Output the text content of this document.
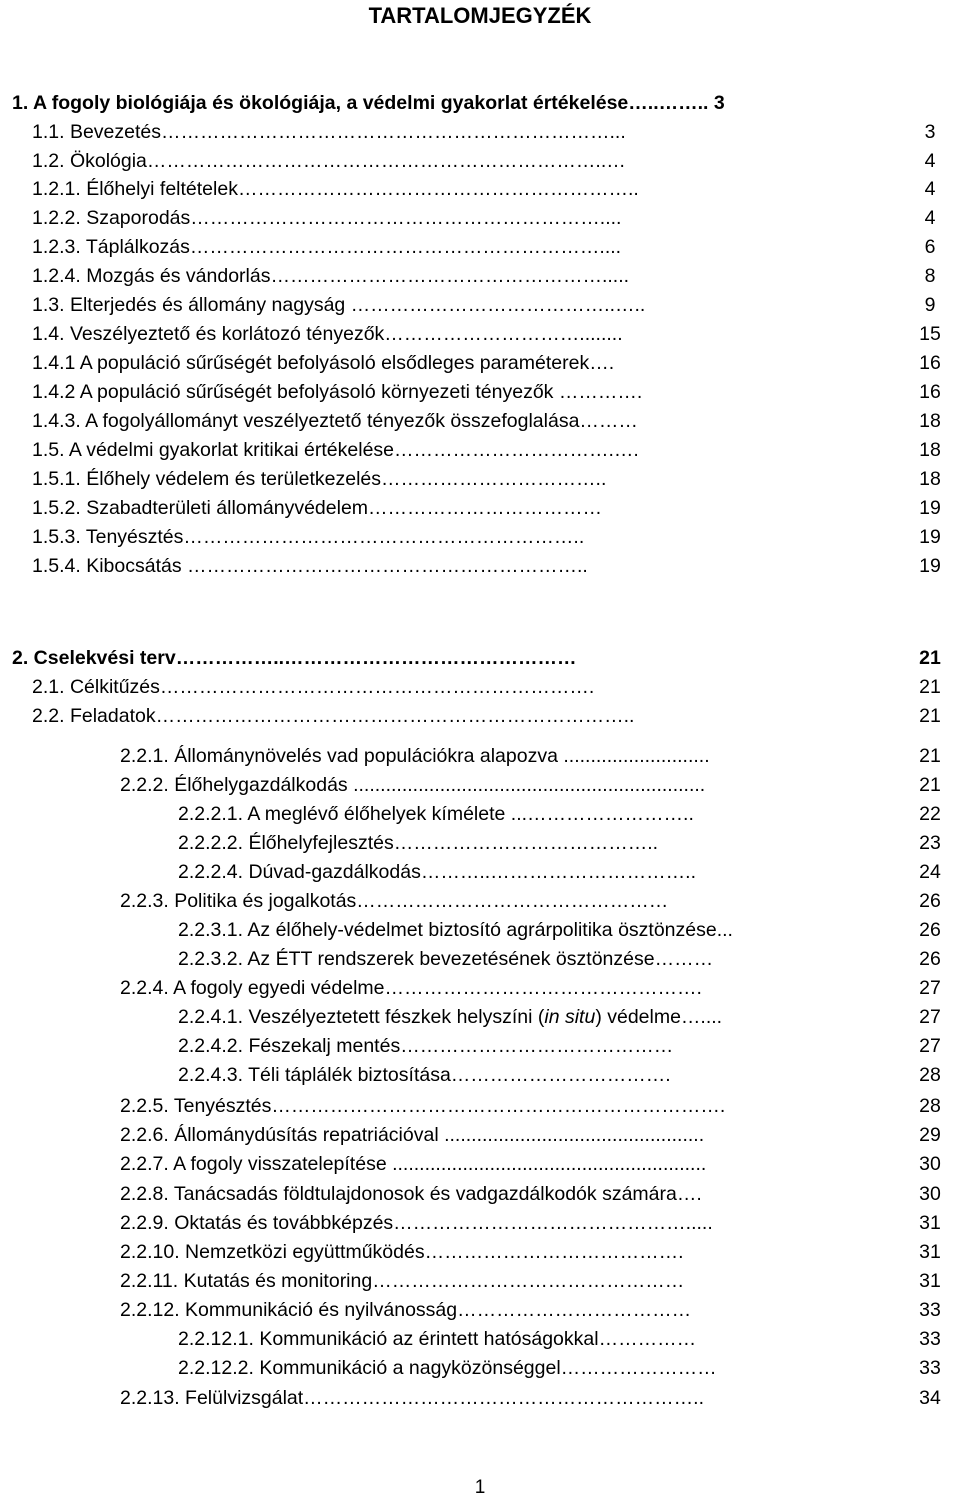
TARTALOMJEGYZÉK
1. A fogoly biológiája és ökológiája, a védelmi gyakorlat értékelése…..…….. 3
1.1. Bevezetés……………………………………………………………...	3
1.2. Ökológia……………………………………………………………..…	4
1.2.1. Élőhelyi feltételek……………………………………………………..	4
1.2.2. Szaporodás………………………………………………………....	4
1.2.3. Táplálkozás………………………………………………………....	6
1.2.4. Mozgás és vándorlás…………………………………………….....	8
1.3. Elterjedés és állomány nagyság …………………………………..…..	9
1.4. Veszélyeztető és korlátozó tényezők…………………………........	15
1.4.1 A populáció sűrűségét befolyásoló elsődleges paraméterek….	16
1.4.2 A populáció sűrűségét befolyásoló környezeti tényezők ………….	16
1.4.3. A fogolyállományt veszélyeztető tényezők összefoglalása………	18
1.5. A védelmi gyakorlat kritikai értékelése…………………………….….	18
1.5.1. Élőhely védelem és területkezelés……………………………..	18
1.5.2. Szabadterületi állományvédelem………………………………	19
1.5.3. Tenyésztés……………………………………………………..	19
1.5.4. Kibocsátás ……………………………………………………..	19
2. Cselekvési terv……………..………………………………………	21
2.1. Célkitűzés………………………………………………………….	21
2.2. Feladatok………………………………………………………………..	21
2.2.1. Állománynövelés vad populációkra alapozva ...........................	21
2.2.2. Élőhelygazdálkodás .................................................................	21
2.2.2.1. A meglévő élőhelyek kímélete ...……………………..	22
2.2.2.2. Élőhelyfejlesztés…………………………………..	23
2.2.2.4. Dúvad-gazdálkodás………..…………………………..	24
2.2.3. Politika és jogalkotás…………………………………………	26
2.2.3.1. Az élőhely-védelmet biztosító agrárpolitika ösztönzése...	26
2.2.3.2. Az ÉTT rendszerek bevezetésének ösztönzése………	26
2.2.4. A fogoly egyedi védelme………………………………………….	27
2.2.4.1. Veszélyeztetett fészkek helyszíni (in situ) védelme…....	27
2.2.4.2. Fészekalj mentés……………………………………	27
2.2.4.3. Téli táplálék biztosítása…………………………….	28
2.2.5. Tenyésztés…………………………………………………………….	28
2.2.6. Állománydúsítás repatriációval ................................................	29
2.2.7. A fogoly visszatelepítése ..........................................................	30
2.2.8. Tanácsadás földtulajdonosok és vadgazdálkodók számára….	30
2.2.9. Oktatás és továbbképzés……………………………………….....	31
2.2.10. Nemzetközi együttműködés………………………………….	31
2.2.11. Kutatás és monitoring…………………………………………	31
2.2.12. Kommunikáció és nyilvánosság………………………………	33
2.2.12.1. Kommunikáció az érintett hatóságokkal……………	33
2.2.12.2. Kommunikáció a nagyközönséggel……………………	33
2.2.13. Felülvizsgálat……………………………………………………..	34
1
